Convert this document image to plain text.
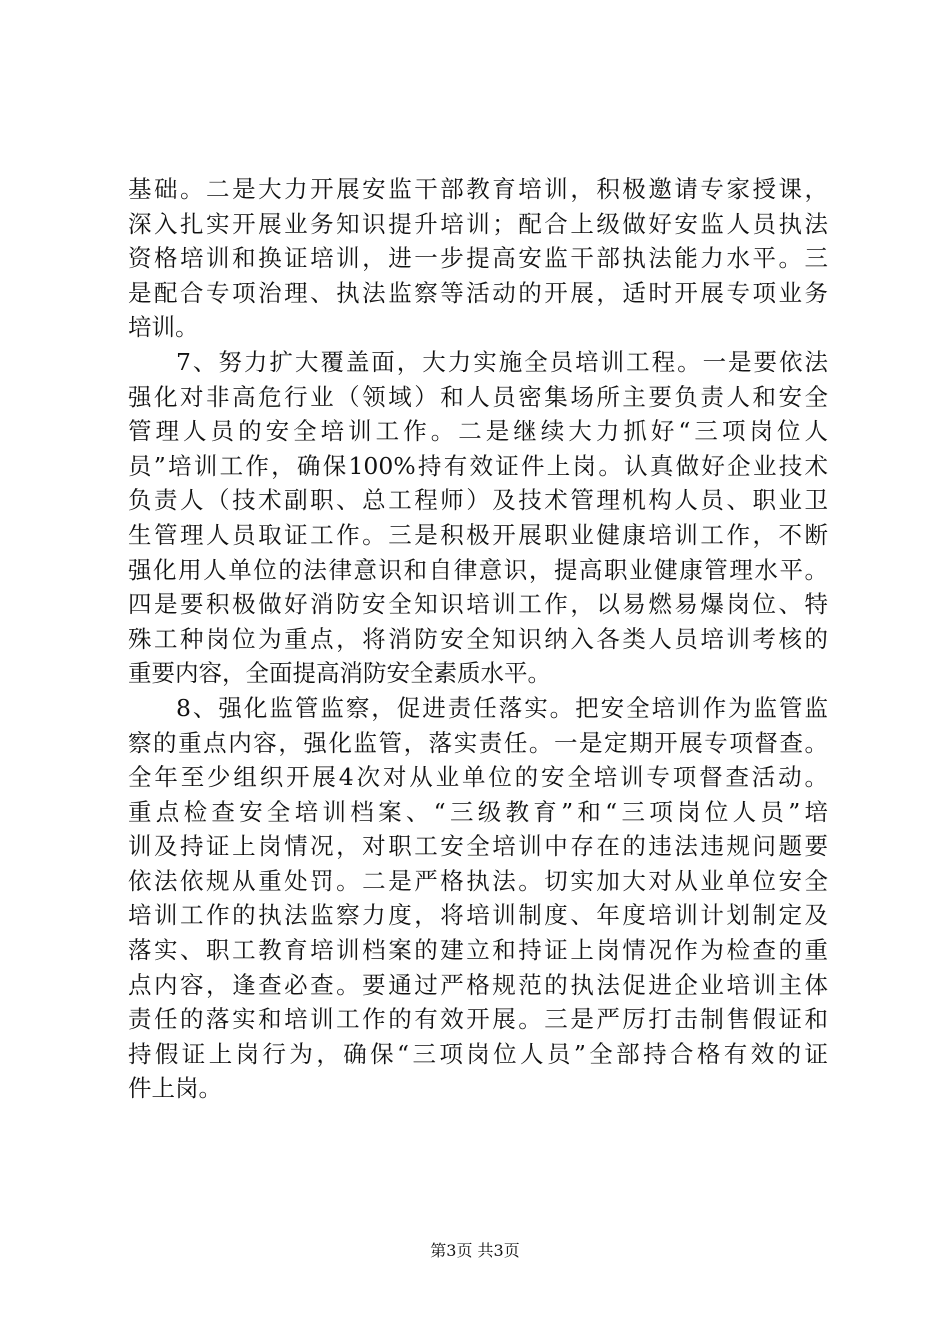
基础。二是大力开展安监干部教育培训，积极邀请专家授课，
深入扎实开展业务知识提升培训；配合上级做好安监人员执法
资格培训和换证培训，进一步提高安监干部执法能力水平。三
是配合专项治理、执法监察等活动的开展，适时开展专项业务
培训。
7、努力扩大覆盖面，大力实施全员培训工程。一是要依法
强化对非高危行业（领域）和人员密集场所主要负责人和安全
管理人员的安全培训工作。二是继续大力抓好“三项岗位人
员”培训工作，确保100%持有效证件上岗。认真做好企业技术
负责人（技术副职、总工程师）及技术管理机构人员、职业卫
生管理人员取证工作。三是积极开展职业健康培训工作，不断
强化用人单位的法律意识和自律意识，提高职业健康管理水平。
四是要积极做好消防安全知识培训工作，以易燃易爆岗位、特
殊工种岗位为重点，将消防安全知识纳入各类人员培训考核的
重要内容，全面提高消防安全素质水平。
8、强化监管监察，促进责任落实。把安全培训作为监管监
察的重点内容，强化监管，落实责任。一是定期开展专项督查。
全年至少组织开展4次对从业单位的安全培训专项督查活动。
重点检查安全培训档案、“三级教育”和“三项岗位人员”培
训及持证上岗情况，对职工安全培训中存在的违法违规问题要
依法依规从重处罚。二是严格执法。切实加大对从业单位安全
培训工作的执法监察力度，将培训制度、年度培训计划制定及
落实、职工教育培训档案的建立和持证上岗情况作为检查的重
点内容，逢查必查。要通过严格规范的执法促进企业培训主体
责任的落实和培训工作的有效开展。三是严厉打击制售假证和
持假证上岗行为，确保“三项岗位人员”全部持合格有效的证
件上岗。
第3页 共3页
